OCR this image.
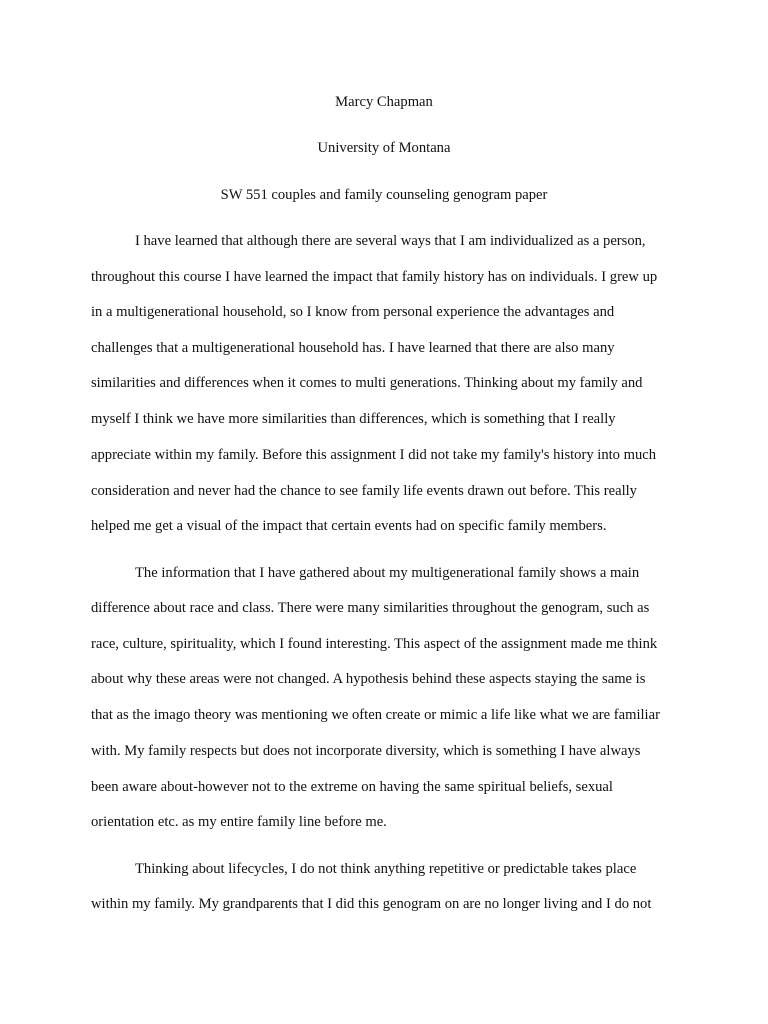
Marcy Chapman

University of Montana

SW 551 couples and family counseling genogram paper

I have learned that although there are several ways that I am individualized as a person,

throughout this course I have learned the impact that family history has on individuals. I grew up

in a multigenerational household, so I know from personal experience the advantages and

challenges that a multigenerational household has. I have learned that there are also many

similarities and differences when it comes to multi generations. Thinking about my family and

myself I think we have more similarities than differences, which is something that I really

appreciate within my family. Before this assignment I did not take my family's history into much

consideration and never had the chance to see family life events drawn out before. This really

helped me get a visual of the impact that certain events had on specific family members.

The information that I have gathered about my multigenerational family shows a main

difference about race and class. There were many similarities throughout the genogram, such as

race, culture, spirituality, which I found interesting. This aspect of the assignment made me think

about why these areas were not changed. A hypothesis behind these aspects staying the same is

that as the imago theory was mentioning we often create or mimic a life like what we are familiar

with. My family respects but does not incorporate diversity, which is something I have always

been aware about-however not to the extreme on having the same spiritual beliefs, sexual

orientation etc. as my entire family line before me.

Thinking about lifecycles, I do not think anything repetitive or predictable takes place

within my family. My grandparents that I did this genogram on are no longer living and I do not
